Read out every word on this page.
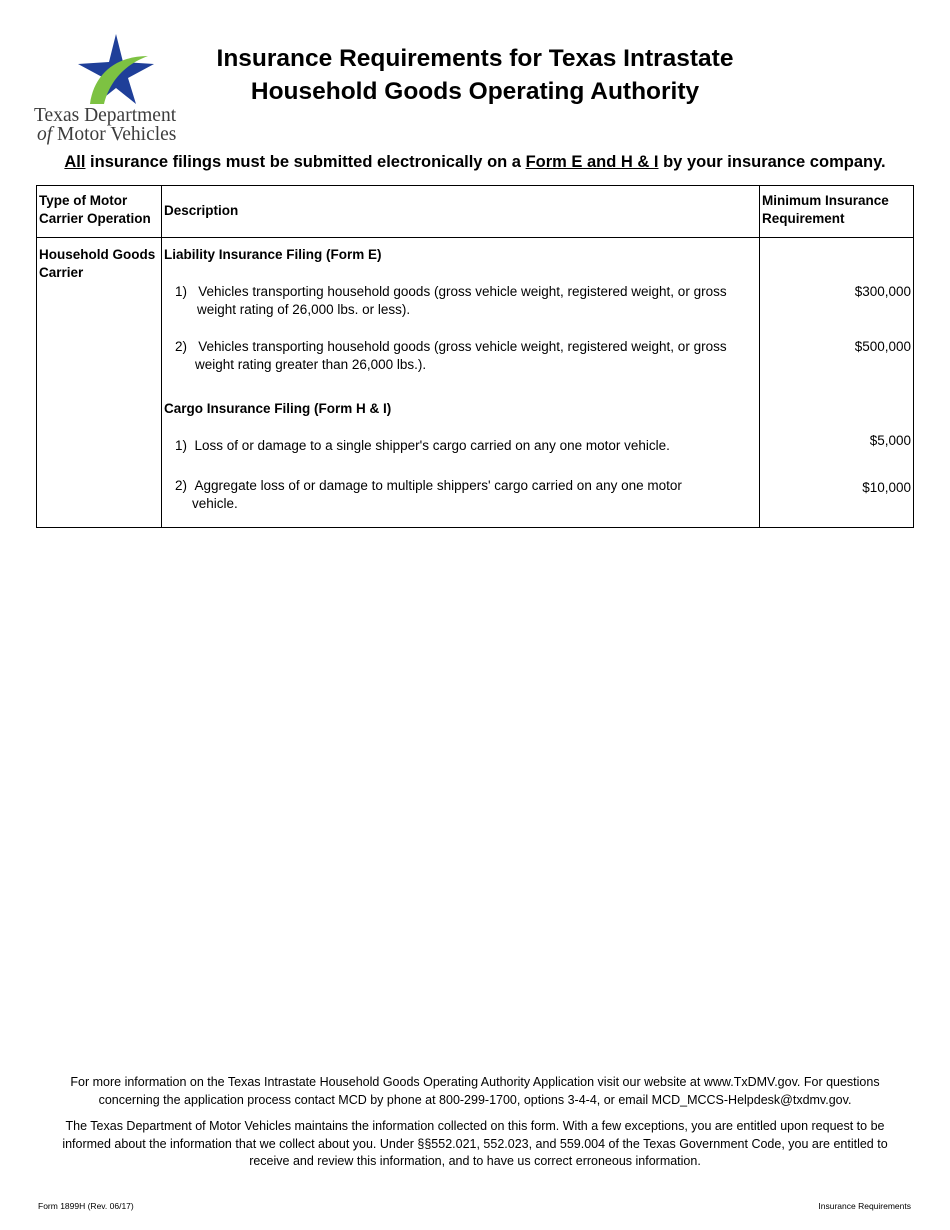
Texas Department
of Motor Vehicles
Insurance Requirements for Texas Intrastate
Household Goods Operating Authority
All insurance filings must be submitted electronically on a Form E and H & I by your insurance company.
Type of Motor
Carrier Operation
Description
Minimum Insurance
Requirement
Household Goods
Carrier
Liability Insurance Filing (Form E)
1) Vehicles transporting household goods (gross vehicle weight, registered weight, or gross
weight rating of 26,000 lbs. or less).
$300,000
2) Vehicles transporting household goods (gross vehicle weight, registered weight, or gross
weight rating greater than 26,000 lbs.).
$500,000
Cargo Insurance Filing (Form H & I)
1) Loss of or damage to a single shipper's cargo carried on any one motor vehicle.	$5,000
2) Aggregate loss of or damage to multiple shippers' cargo carried on any one motor
vehicle.
$10,000
For more information on the Texas Intrastate Household Goods Operating Authority Application visit our website at www.TxDMV.gov. For questions
concerning the application process contact MCD by phone at 800-299-1700, options 3-4-4, or email MCD_MCCS-Helpdesk@txdmv.gov.
The Texas Department of Motor Vehicles maintains the information collected on this form. With a few exceptions, you are entitled upon request to be
informed about the information that we collect about you. Under §§552.021, 552.023, and 559.004 of the Texas Government Code, you are entitled to
receive and review this information, and to have us correct erroneous information.
Form 1899H (Rev. 06/17)	Insurance Requirements
